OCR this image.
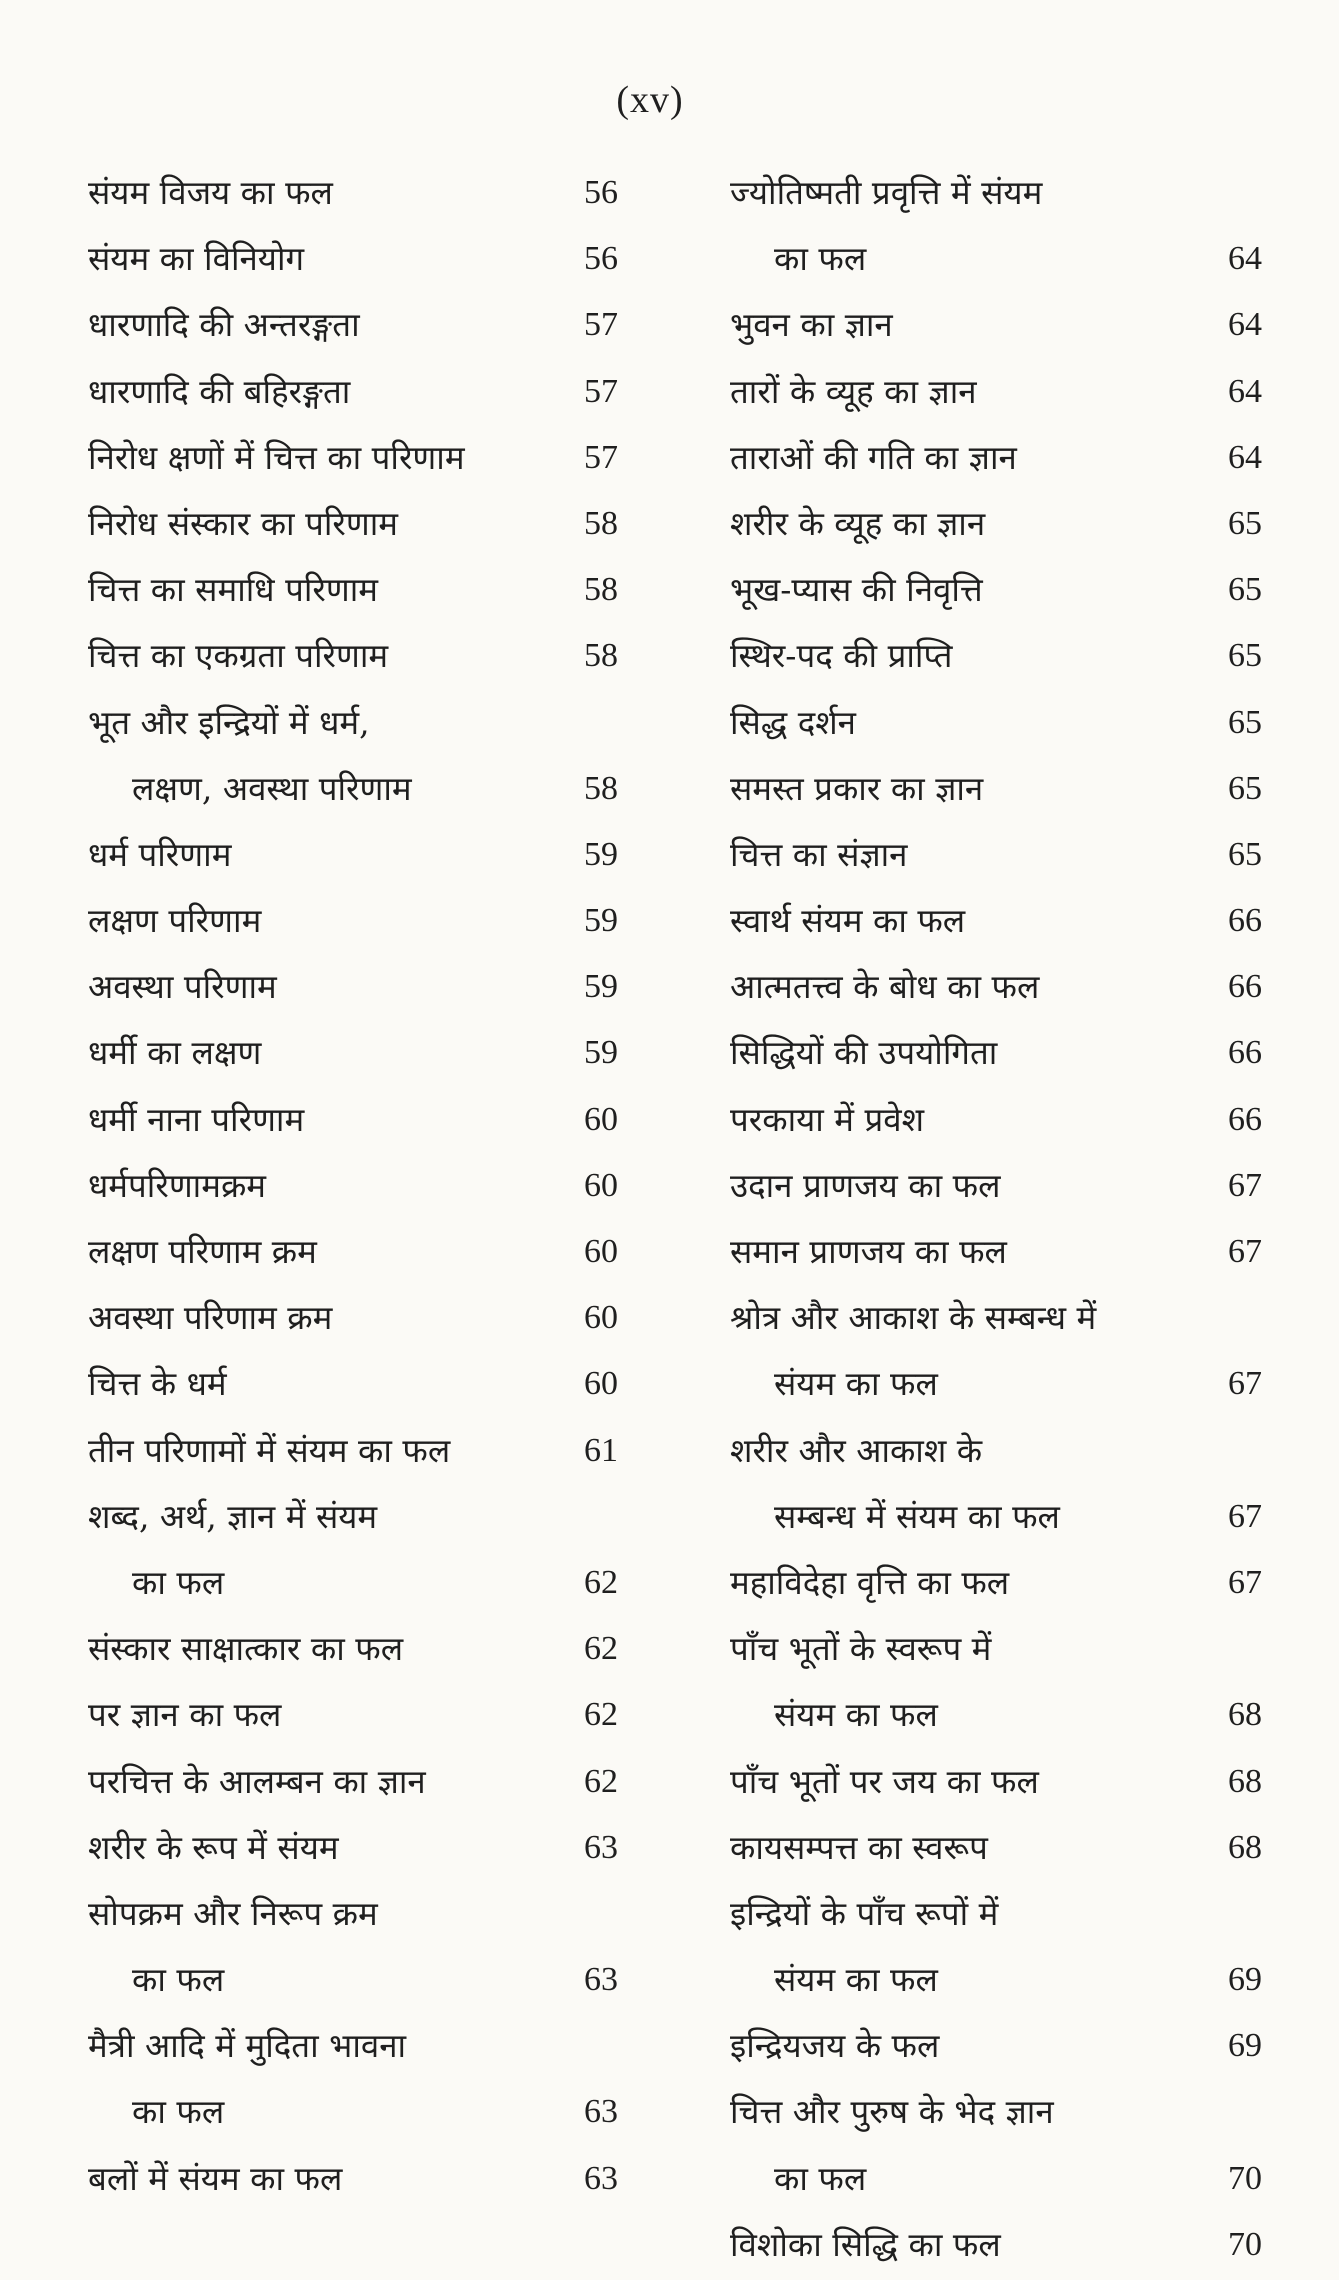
(xv)
संयम विजय का फल	56
संयम का विनियोग	56
धारणादि की अन्तरङ्गता	57
धारणादि की बहिरङ्गता	57
निरोध क्षणों में चित्त का परिणाम	57
निरोध संस्कार का परिणाम	58
चित्त का समाधि परिणाम	58
चित्त का एकग्रता परिणाम	58
भूत और इन्द्रियों में धर्म,
लक्षण, अवस्था परिणाम	58
धर्म परिणाम	59
लक्षण परिणाम	59
अवस्था परिणाम	59
धर्मी का लक्षण	59
धर्मी नाना परिणाम	60
धर्मपरिणामक्रम	60
लक्षण परिणाम क्रम	60
अवस्था परिणाम क्रम	60
चित्त के धर्म	60
तीन परिणामों में संयम का फल	61
शब्द, अर्थ, ज्ञान में संयम
का फल	62
संस्कार साक्षात्कार का फल	62
पर ज्ञान का फल	62
परचित्त के आलम्बन का ज्ञान	62
शरीर के रूप में संयम	63
सोपक्रम और निरूप क्रम
का फल	63
मैत्री आदि में मुदिता भावना
का फल	63
बलों में संयम का फल	63
ज्योतिष्मती प्रवृत्ति में संयम
का फल	64
भुवन का ज्ञान	64
तारों के व्यूह का ज्ञान	64
ताराओं की गति का ज्ञान	64
शरीर के व्यूह का ज्ञान	65
भूख-प्यास की निवृत्ति	65
स्थिर-पद की प्राप्ति	65
सिद्ध दर्शन	65
समस्त प्रकार का ज्ञान	65
चित्त का संज्ञान	65
स्वार्थ संयम का फल	66
आत्मतत्त्व के बोध का फल	66
सिद्धियों की उपयोगिता	66
परकाया में प्रवेश	66
उदान प्राणजय का फल	67
समान प्राणजय का फल	67
श्रोत्र और आकाश के सम्बन्ध में
संयम का फल	67
शरीर और आकाश के
सम्बन्ध में संयम का फल	67
महाविदेहा वृत्ति का फल	67
पाँच भूतों के स्वरूप में
संयम का फल	68
पाँच भूतों पर जय का फल	68
कायसम्पत्त का स्वरूप	68
इन्द्रियों के पाँच रूपों में
संयम का फल	69
इन्द्रियजय के फल	69
चित्त और पुरुष के भेद ज्ञान
का फल	70
विशोका सिद्धि का फल	70
